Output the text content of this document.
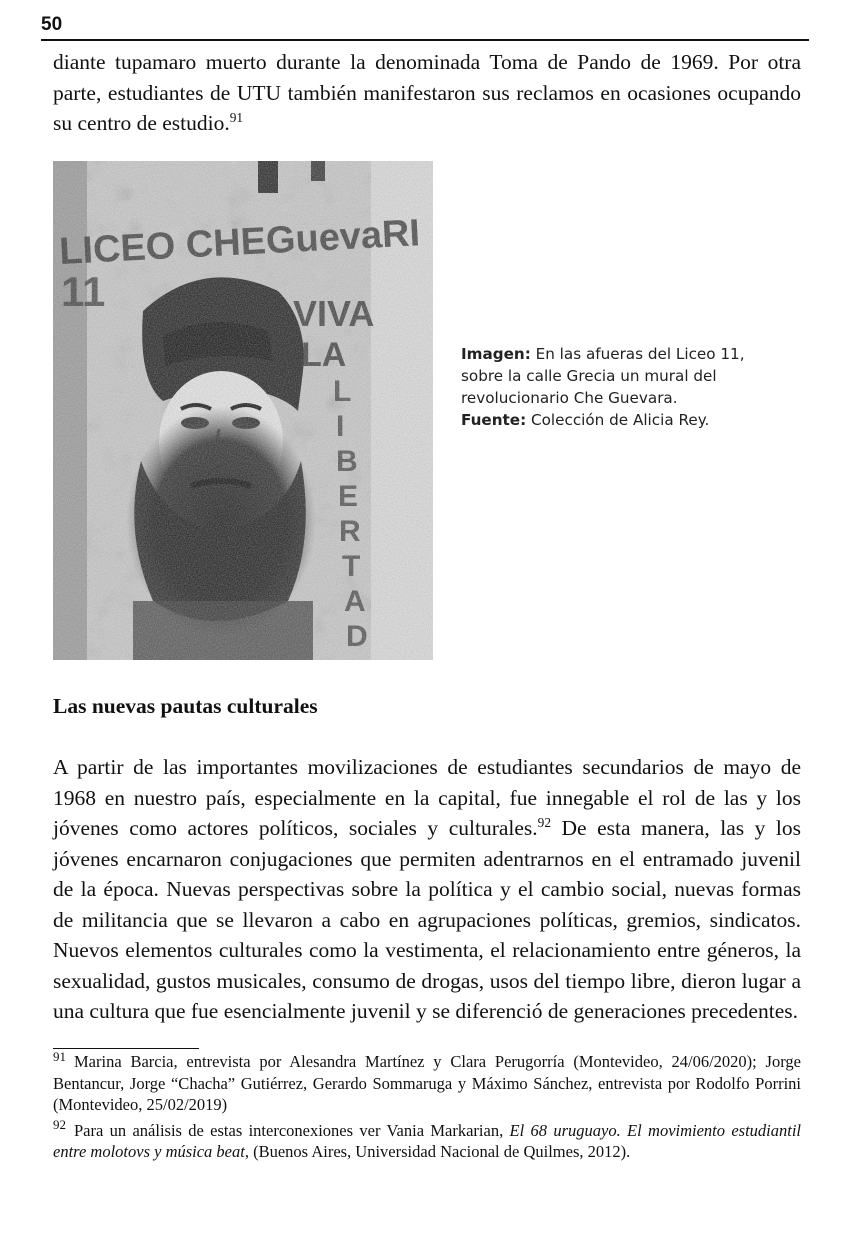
50
diante tupamaro muerto durante la denominada Toma de Pando de 1969. Por otra parte, estudiantes de UTU también manifestaron sus reclamos en ocasiones ocupando su centro de estudio.$^{91}$
Imagen: En las afueras del Liceo 11, sobre la calle Grecia un mural del revolucionario Che Guevara.
Fuente: Colección de Alicia Rey.
Las nuevas pautas culturales
A partir de las importantes movilizaciones de estudiantes secundarios de mayo de 1968 en nuestro país, especialmente en la capital, fue innegable el rol de las y los jóvenes como actores políticos, sociales y culturales.$^{92}$ De esta manera, las y los jóvenes encarnaron conjugaciones que permiten adentrarnos en el entramado juvenil de la época. Nuevas perspectivas sobre la política y el cambio social, nuevas formas de militancia que se llevaron a cabo en agrupaciones políticas, gremios, sindicatos. Nuevos elementos culturales como la vestimenta, el relacionamiento entre géneros, la sexualidad, gustos musicales, consumo de drogas, usos del tiempo libre, dieron lugar a una cultura que fue esencialmente juvenil y se diferenció de generaciones precedentes.

$^{91}$ Marina Barcia, entrevista por Alesandra Martínez y Clara Perugorría (Montevideo, 24/06/2020); Jorge Bentancur, Jorge “Chacha” Gutiérrez, Gerardo Sommaruga y Máximo Sánchez, entrevista por Rodolfo Porrini (Montevideo, 25/02/2019)

$^{92}$ Para un análisis de estas interconexiones ver Vania Markarian, El 68 uruguayo. El movimiento estudiantil entre molotovs y música beat, (Buenos Aires, Universidad Nacional de Quilmes, 2012).
